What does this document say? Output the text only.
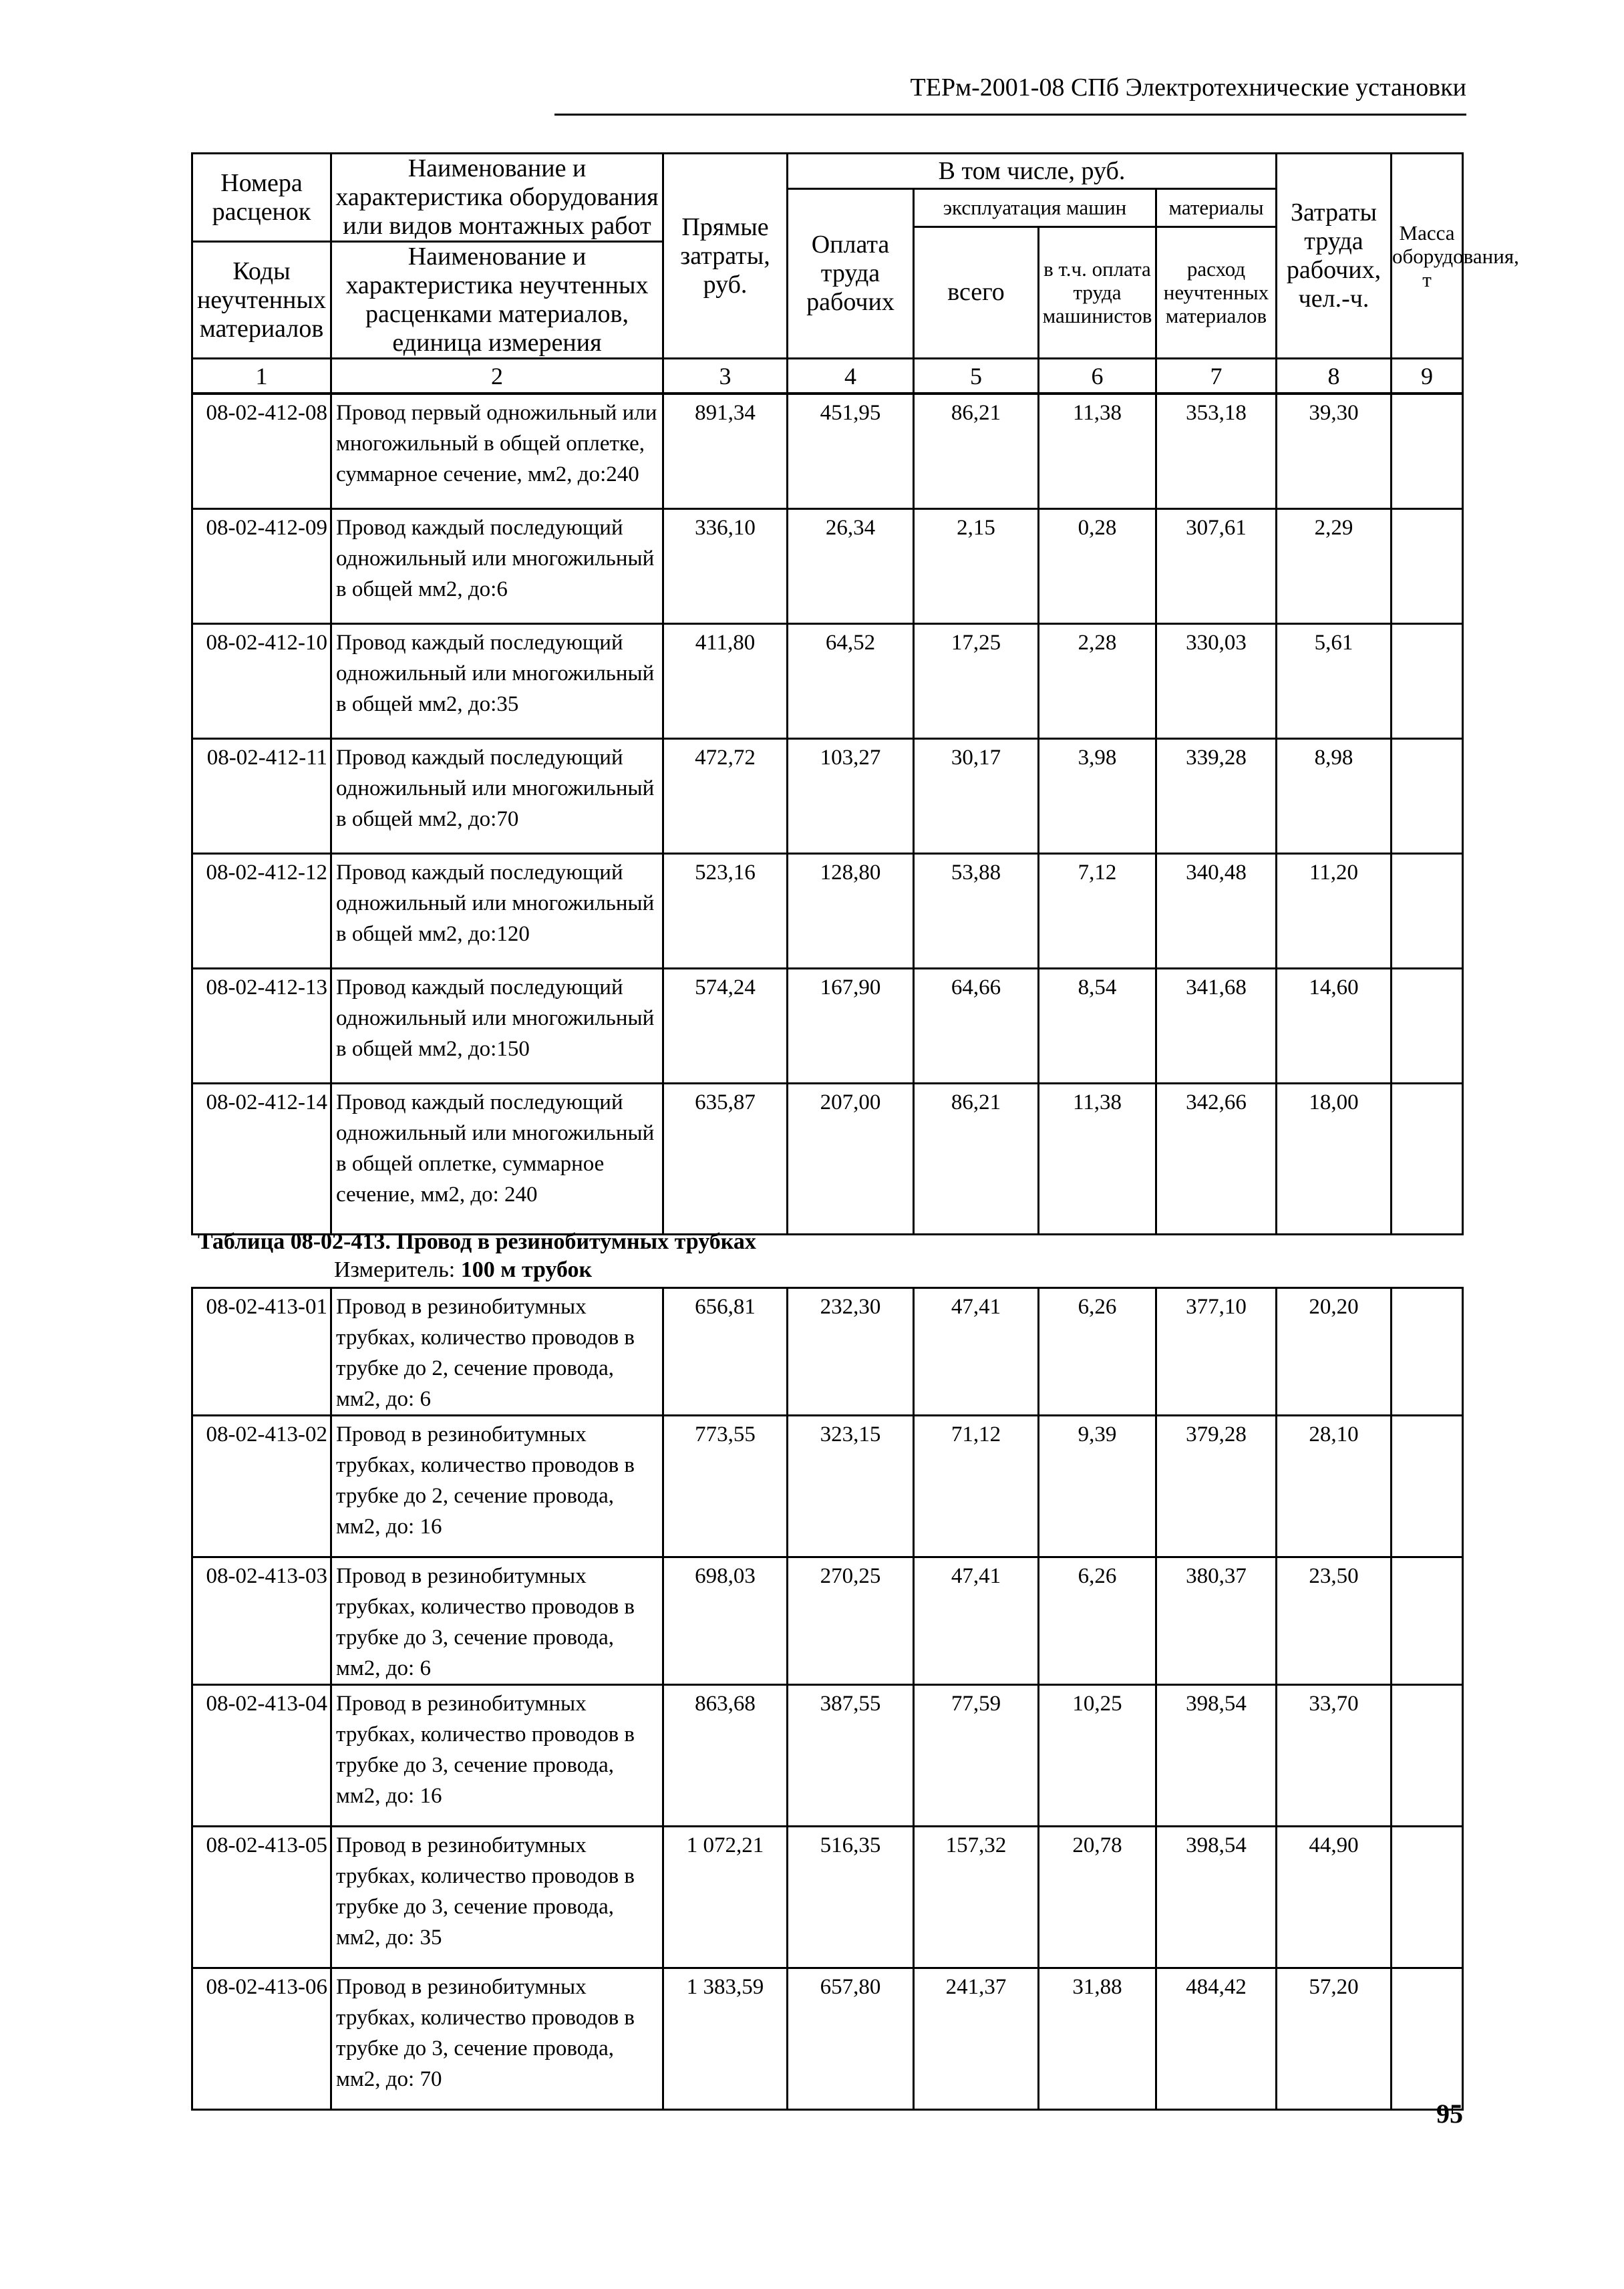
ТЕРм-2001-08 СПб Электротехнические установки
Номера расценок	Наименование и характеристика оборудования или видов монтажных работ	Прямые затраты, руб.	В том числе, руб.				Затраты труда рабочих, чел.-ч.	Масса оборудования, т
			Оплата труда рабочих	эксплуатация машин		материалы		
				всего	в т.ч. оплата труда машинистов	расход неучтенных материалов		
Коды неучтенных материалов	Наименование и характеристика неучтенных расценками материалов, единица измерения							

1	2	3	4	5	6	7	8	9
08-02-412-08	Провод первый одножильный или многожильный в общей оплетке, суммарное сечение, мм2, до:240	891,34	451,95	86,21	11,38	353,18	39,30	
08-02-412-09	Провод каждый последующий одножильный или многожильный в общей мм2, до:6	336,10	26,34	2,15	0,28	307,61	2,29	
08-02-412-10	Провод каждый последующий одножильный или многожильный в общей мм2, до:35	411,80	64,52	17,25	2,28	330,03	5,61	
08-02-412-11	Провод каждый последующий одножильный или многожильный в общей мм2, до:70	472,72	103,27	30,17	3,98	339,28	8,98	
08-02-412-12	Провод каждый последующий одножильный или многожильный в общей мм2, до:120	523,16	128,80	53,88	7,12	340,48	11,20	
08-02-412-13	Провод каждый последующий одножильный или многожильный в общей мм2, до:150	574,24	167,90	64,66	8,54	341,68	14,60	
08-02-412-14	Провод каждый последующий одножильный или многожильный в общей оплетке, суммарное сечение, мм2, до: 240	635,87	207,00	86,21	11,38	342,66	18,00	
Таблица 08-02-413. Провод в резинобитумных трубках
Измеритель: 100 м трубок
08-02-413-01	Провод в резинобитумных трубках, количество проводов в трубке до 2, сечение провода, мм2, до: 6	656,81	232,30	47,41	6,26	377,10	20,20	
08-02-413-02	Провод в резинобитумных трубках, количество проводов в трубке до 2, сечение провода, мм2, до: 16	773,55	323,15	71,12	9,39	379,28	28,10	
08-02-413-03	Провод в резинобитумных трубках, количество проводов в трубке до 3, сечение провода, мм2, до: 6	698,03	270,25	47,41	6,26	380,37	23,50	
08-02-413-04	Провод в резинобитумных трубках, количество проводов в трубке до 3, сечение провода, мм2, до: 16	863,68	387,55	77,59	10,25	398,54	33,70	
08-02-413-05	Провод в резинобитумных трубках, количество проводов в трубке до 3, сечение провода, мм2, до: 35	1 072,21	516,35	157,32	20,78	398,54	44,90	
08-02-413-06	Провод в резинобитумных трубках, количество проводов в трубке до 3, сечение провода, мм2, до: 70	1 383,59	657,80	241,37	31,88	484,42	57,20	
95
